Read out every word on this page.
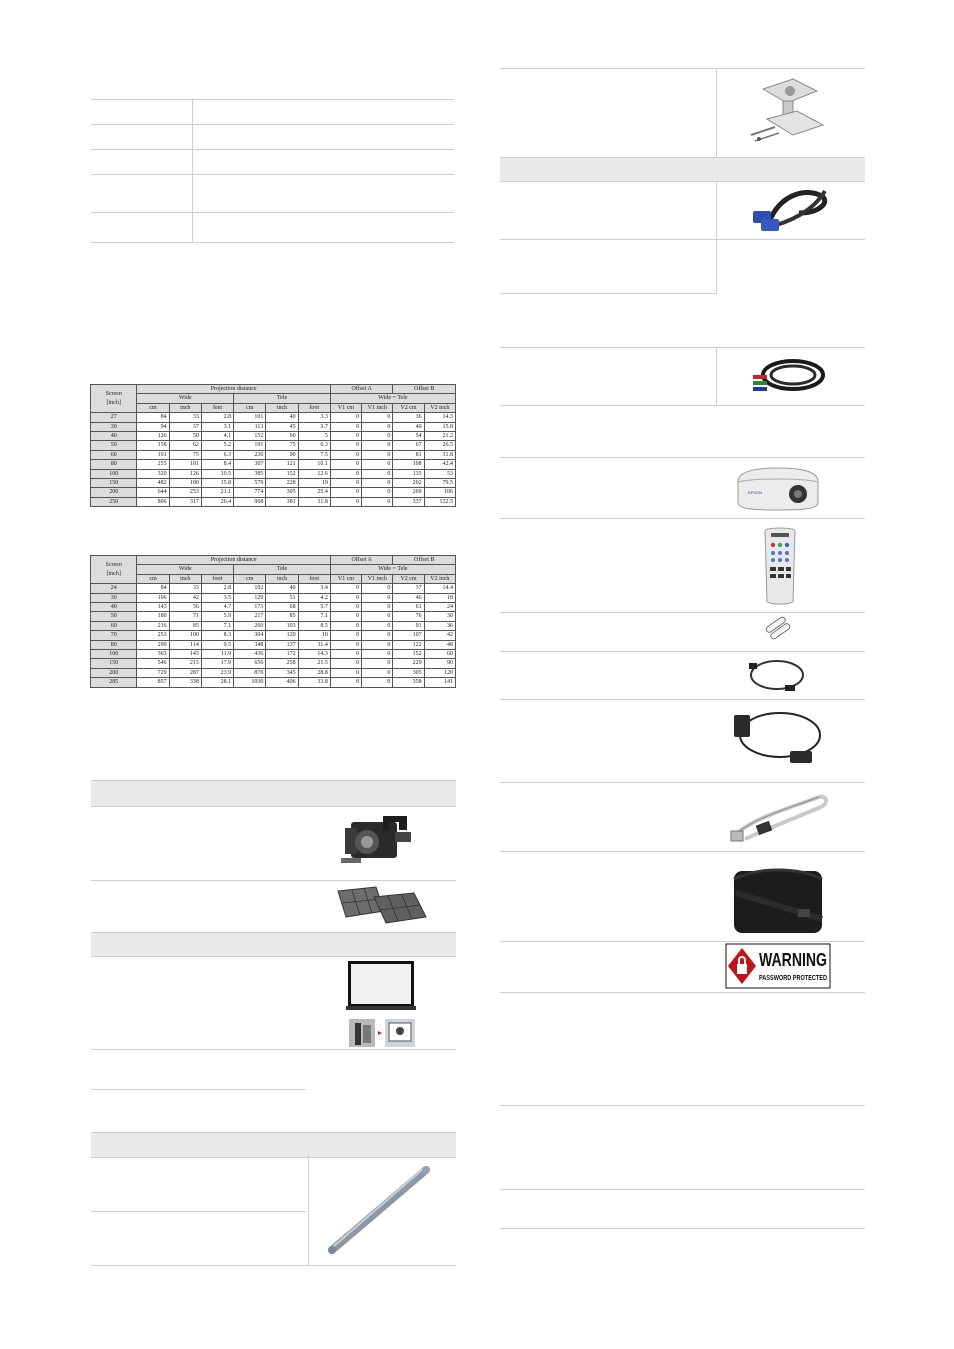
Screen
[inch]	Projection distance						Offset A		Offset B	
	Wide			Tele			Wide = Tele			
	cm	inch	feet	cm	inch	foot	V1 cm	V1 inch	V2 cm	V2 inch
27	84	33	2.8	101	40	3.3	0	0	36	14.3
30	94	37	3.1	113	45	3.7	0	0	40	15.8
40	126	50	4.1	152	60	5	0	0	54	21.2
50	158	62	5.2	191	75	6.3	0	0	67	26.5
60	191	75	6.3	230	90	7.5	0	0	81	31.8
80	255	101	8.4	307	121	10.1	0	0	108	42.4
100	320	126	10.5	385	152	12.6	0	0	135	53
150	482	190	15.8	579	228	19	0	0	202	79.5
200	644	253	21.1	774	305	25.4	0	0	269	106
250	806	317	26.4	968	381	31.8	0	0	337	132.5
Screen
[inch]	Projection distance						Offset A		Offset B	
	Wide			Tele			Wide = Tele			
	cm	inch	foot	cm	inch	foot	V1 cm	V1 inch	V2 cm	V2 inch
24	84	33	2.8	102	40	3.4	0	0	37	14.4
30	106	42	3.5	129	51	4.2	0	0	46	18
40	143	56	4.7	173	68	5.7	0	0	61	24
50	180	71	5.9	217	85	7.1	0	0	76	30
60	216	85	7.1	260	103	8.5	0	0	91	36
70	253	100	8.3	304	120	10	0	0	107	42
80	290	114	9.5	348	137	11.4	0	0	122	48
100	363	143	11.9	436	172	14.3	0	0	152	60
150	546	215	17.9	656	258	21.5	0	0	229	90
200	729	287	23.9	876	345	28.8	0	0	305	120
285	857	338	28.1	1030	406	33.8	0	0	358	141
EPSON
WARNING
PASSWORD PROTECTED
